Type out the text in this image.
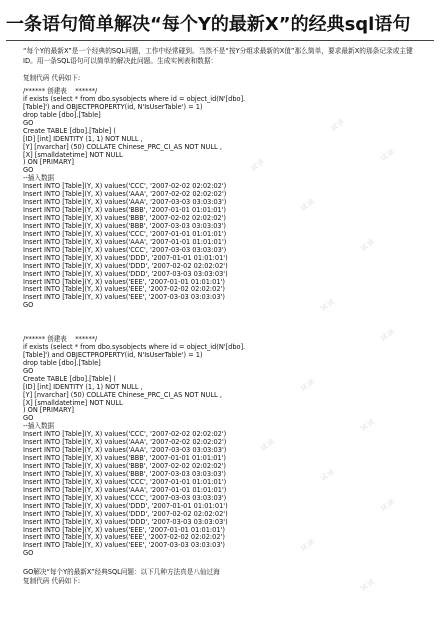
一条语句简单解决“每个Y的最新X”的经典sql语句

“每个Y的最新X”是一个经典的SQL问题，工作中经常碰到。当然不是“按Y分组求最新的X值”那么简单，要求最新X的那条记录或主键ID。用一条SQL语句可以简单的解决此问题。生成实例表和数据：

复制代码 代码如下:
/****** 创建表    ******/
if exists (select * from dbo.sysobjects where id = object_id(N'[dbo].
[Table]') and OBJECTPROPERTY(id, N'IsUserTable') = 1)
drop table [dbo].[Table]
GO
Create TABLE [dbo].[Table] (
[ID] [int] IDENTITY (1, 1) NOT NULL ,
[Y] [nvarchar] (50) COLLATE Chinese_PRC_CI_AS NOT NULL ,
[X] [smalldatetime] NOT NULL
) ON [PRIMARY]
GO
--插入数据
Insert INTO [Table](Y, X) values('CCC', '2007-02-02 02:02:02')
Insert INTO [Table](Y, X) values('AAA', '2007-02-02 02:02:02')
Insert INTO [Table](Y, X) values('AAA', '2007-03-03 03:03:03')
Insert INTO [Table](Y, X) values('BBB', '2007-01-01 01:01:01')
Insert INTO [Table](Y, X) values('BBB', '2007-02-02 02:02:02')
Insert INTO [Table](Y, X) values('BBB', '2007-03-03 03:03:03')
Insert INTO [Table](Y, X) values('CCC', '2007-01-01 01:01:01')
Insert INTO [Table](Y, X) values('AAA', '2007-01-01 01:01:01')
Insert INTO [Table](Y, X) values('CCC', '2007-03-03 03:03:03')
Insert INTO [Table](Y, X) values('DDD', '2007-01-01 01:01:01')
Insert INTO [Table](Y, X) values('DDD', '2007-02-02 02:02:02')
Insert INTO [Table](Y, X) values('DDD', '2007-03-03 03:03:03')
Insert INTO [Table](Y, X) values('EEE', '2007-01-01 01:01:01')
Insert INTO [Table](Y, X) values('EEE', '2007-02-02 02:02:02')
Insert INTO [Table](Y, X) values('EEE', '2007-03-03 03:03:03')
GO
/****** 创建表    ******/
if exists (select * from dbo.sysobjects where id = object_id(N'[dbo].
[Table]') and OBJECTPROPERTY(id, N'IsUserTable') = 1)
drop table [dbo].[Table]
GO
Create TABLE [dbo].[Table] (
[ID] [int] IDENTITY (1, 1) NOT NULL ,
[Y] [nvarchar] (50) COLLATE Chinese_PRC_CI_AS NOT NULL ,
[X] [smalldatetime] NOT NULL
) ON [PRIMARY]
GO
--插入数据
Insert INTO [Table](Y, X) values('CCC', '2007-02-02 02:02:02')
Insert INTO [Table](Y, X) values('AAA', '2007-02-02 02:02:02')
Insert INTO [Table](Y, X) values('AAA', '2007-03-03 03:03:03')
Insert INTO [Table](Y, X) values('BBB', '2007-01-01 01:01:01')
Insert INTO [Table](Y, X) values('BBB', '2007-02-02 02:02:02')
Insert INTO [Table](Y, X) values('BBB', '2007-03-03 03:03:03')
Insert INTO [Table](Y, X) values('CCC', '2007-01-01 01:01:01')
Insert INTO [Table](Y, X) values('AAA', '2007-01-01 01:01:01')
Insert INTO [Table](Y, X) values('CCC', '2007-03-03 03:03:03')
Insert INTO [Table](Y, X) values('DDD', '2007-01-01 01:01:01')
Insert INTO [Table](Y, X) values('DDD', '2007-02-02 02:02:02')
Insert INTO [Table](Y, X) values('DDD', '2007-03-03 03:03:03')
Insert INTO [Table](Y, X) values('EEE', '2007-01-01 01:01:01')
Insert INTO [Table](Y, X) values('EEE', '2007-02-02 02:02:02')
Insert INTO [Table](Y, X) values('EEE', '2007-03-03 03:03:03')
GO
GO解决“每个Y的最新X”经典SQL问题：以下几种方法真是八仙过海
复制代码 代码如下:
试读
试读
试读
试读
试读
试读
试读
试读
试读
试读
试读
试读
试读
试读
